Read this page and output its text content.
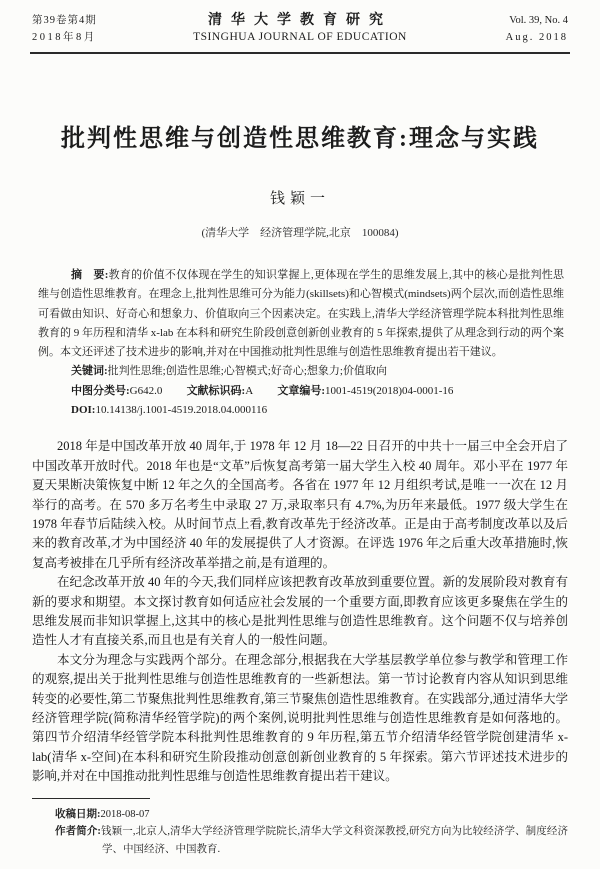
第39卷第4期
2018年8月
清华大学教育研究
TSINGHUA JOURNAL OF EDUCATION
Vol. 39, No. 4
Aug. 2018
批判性思维与创造性思维教育:理念与实践
钱颖一
(清华大学　经济管理学院,北京　100084)

摘　要:教育的价值不仅体现在学生的知识掌握上,更体现在学生的思维发展上,其中的核心是批判性思维与创造性思维教育。在理念上,批判性思维可分为能力(skillsets)和心智模式(mindsets)两个层次,而创造性思维可看做由知识、好奇心和想象力、价值取向三个因素决定。在实践上,清华大学经济管理学院本科批判性思维教育的 9 年历程和清华 x-lab 在本科和研究生阶段创意创新创业教育的 5 年探索,提供了从理念到行动的两个案例。本文还评述了技术进步的影响,并对在中国推动批判性思维与创造性思维教育提出若干建议。

关键词:批判性思维;创造性思维;心智模式;好奇心;想象力;价值取向

中图分类号:G642.0 文献标识码:A 文章编号:1001-4519(2018)04-0001-16

DOI:10.14138/j.1001-4519.2018.04.000116

2018 年是中国改革开放 40 周年,于 1978 年 12 月 18—22 日召开的中共十一届三中全会开启了中国改革开放时代。2018 年也是“文革”后恢复高考第一届大学生入校 40 周年。邓小平在 1977 年夏天果断决策恢复中断 12 年之久的全国高考。各省在 1977 年 12 月组织考试,是唯一一次在 12 月举行的高考。在 570 多万名考生中录取 27 万,录取率只有 4.7%,为历年来最低。1977 级大学生在 1978 年春节后陆续入校。从时间节点上看,教育改革先于经济改革。正是由于高考制度改革以及后来的教育改革,才为中国经济 40 年的发展提供了人才资源。在评选 1976 年之后重大改革措施时,恢复高考被排在几乎所有经济改革举措之前,是有道理的。

在纪念改革开放 40 年的今天,我们同样应该把教育改革放到重要位置。新的发展阶段对教育有新的要求和期望。本文探讨教育如何适应社会发展的一个重要方面,即教育应该更多聚焦在学生的思维发展而非知识掌握上,这其中的核心是批判性思维与创造性思维教育。这个问题不仅与培养创造性人才有直接关系,而且也是有关育人的一般性问题。

本文分为理念与实践两个部分。在理念部分,根据我在大学基层教学单位参与教学和管理工作的观察,提出关于批判性思维与创造性思维教育的一些新想法。第一节讨论教育内容从知识到思维转变的必要性,第二节聚焦批判性思维教育,第三节聚焦创造性思维教育。在实践部分,通过清华大学经济管理学院(简称清华经管学院)的两个案例,说明批判性思维与创造性思维教育是如何落地的。第四节介绍清华经管学院本科批判性思维教育的 9 年历程,第五节介绍清华经管学院创建清华 x-lab(清华 x-空间)在本科和研究生阶段推动创意创新创业教育的 5 年探索。第六节评述技术进步的影响,并对在中国推动批判性思维与创造性思维教育提出若干建议。

收稿日期:2018-08-07

作者简介:钱颖一,北京人,清华大学经济管理学院院长,清华大学文科资深教授,研究方向为比较经济学、制度经济学、中国经济、中国教育.
